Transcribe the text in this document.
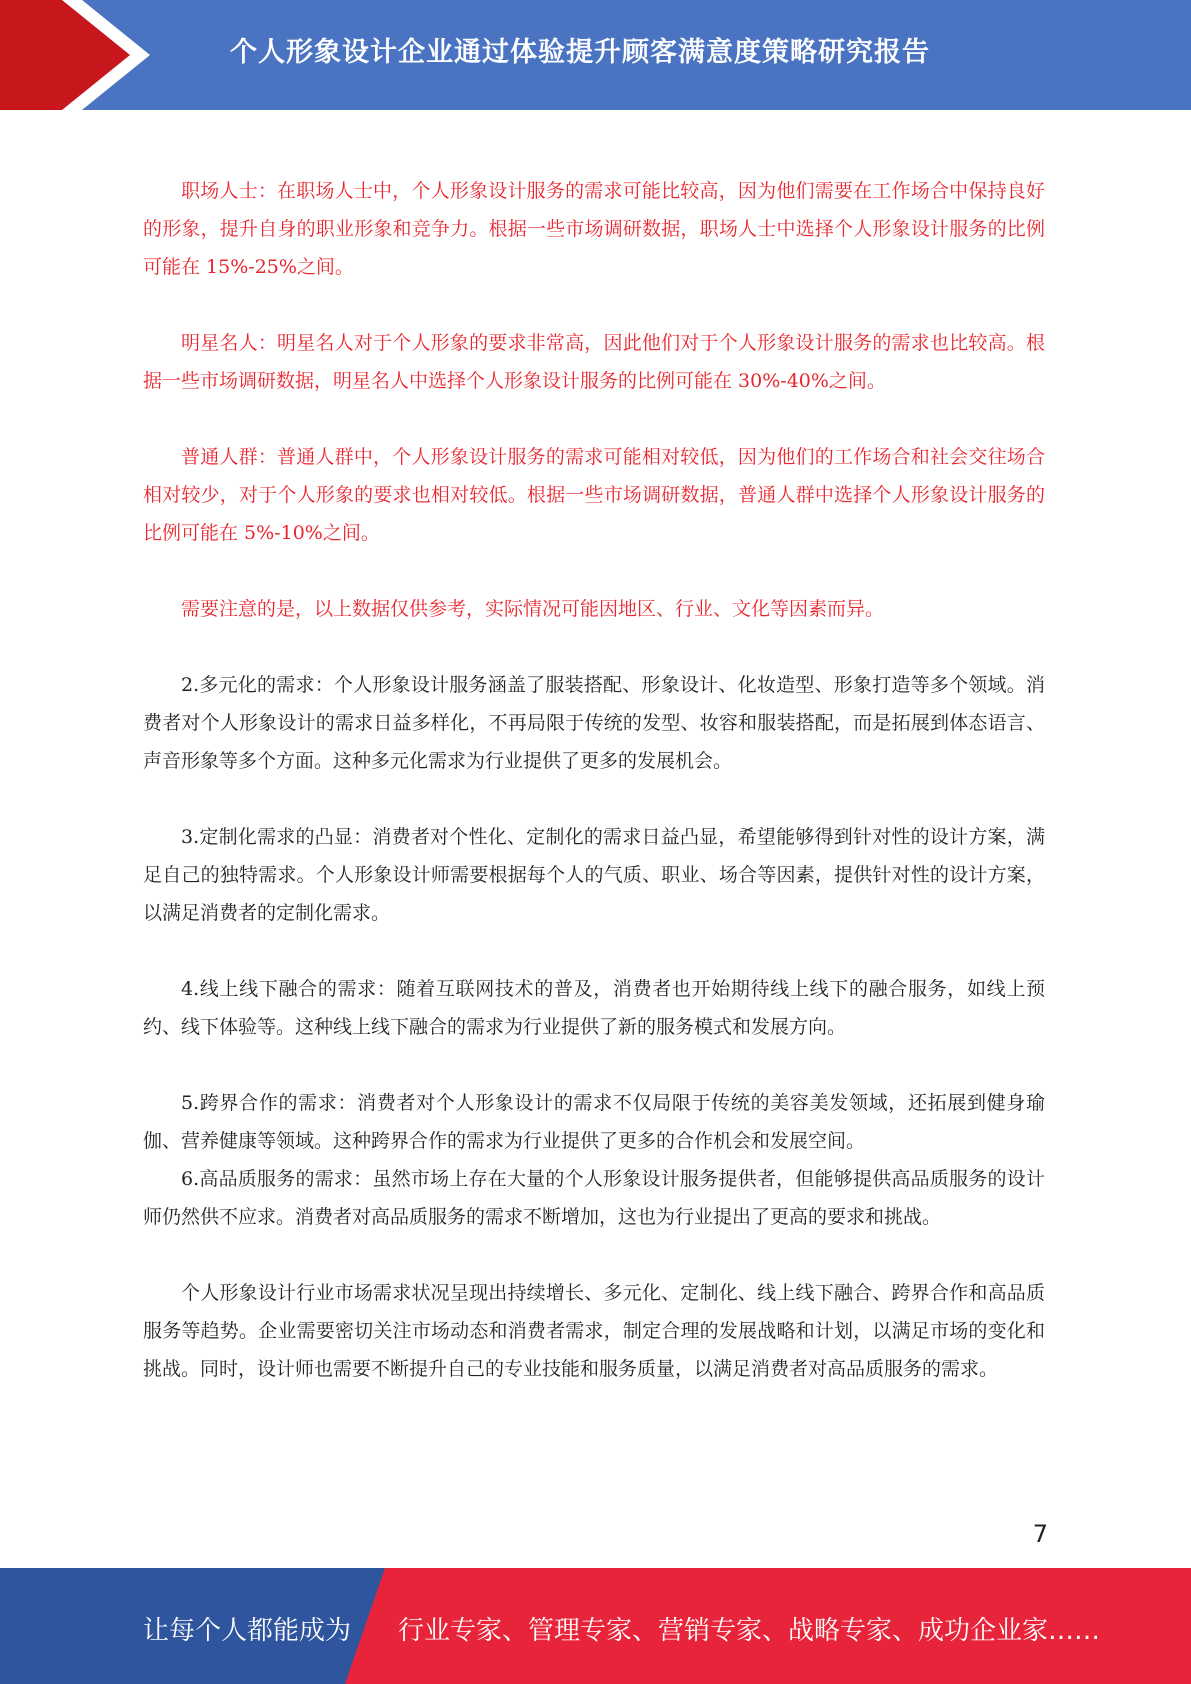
个人形象设计企业通过体验提升顾客满意度策略研究报告

职场人士：在职场人士中，个人形象设计服务的需求可能比较高，因为他们需要在工作场合中保持良好的形象，提升自身的职业形象和竞争力。根据一些市场调研数据，职场人士中选择个人形象设计服务的比例可能在 15%-25%之间。

明星名人：明星名人对于个人形象的要求非常高，因此他们对于个人形象设计服务的需求也比较高。根据一些市场调研数据，明星名人中选择个人形象设计服务的比例可能在 30%-40%之间。

普通人群：普通人群中，个人形象设计服务的需求可能相对较低，因为他们的工作场合和社会交往场合相对较少，对于个人形象的要求也相对较低。根据一些市场调研数据，普通人群中选择个人形象设计服务的比例可能在 5%-10%之间。

需要注意的是，以上数据仅供参考，实际情况可能因地区、行业、文化等因素而异。

2.多元化的需求：个人形象设计服务涵盖了服装搭配、形象设计、化妆造型、形象打造等多个领域。消费者对个人形象设计的需求日益多样化，不再局限于传统的发型、妆容和服装搭配，而是拓展到体态语言、声音形象等多个方面。这种多元化需求为行业提供了更多的发展机会。

3.定制化需求的凸显：消费者对个性化、定制化的需求日益凸显，希望能够得到针对性的设计方案，满足自己的独特需求。个人形象设计师需要根据每个人的气质、职业、场合等因素，提供针对性的设计方案，以满足消费者的定制化需求。

4.线上线下融合的需求：随着互联网技术的普及，消费者也开始期待线上线下的融合服务，如线上预约、线下体验等。这种线上线下融合的需求为行业提供了新的服务模式和发展方向。

5.跨界合作的需求：消费者对个人形象设计的需求不仅局限于传统的美容美发领域，还拓展到健身瑜伽、营养健康等领域。这种跨界合作的需求为行业提供了更多的合作机会和发展空间。

6.高品质服务的需求：虽然市场上存在大量的个人形象设计服务提供者，但能够提供高品质服务的设计师仍然供不应求。消费者对高品质服务的需求不断增加，这也为行业提出了更高的要求和挑战。

个人形象设计行业市场需求状况呈现出持续增长、多元化、定制化、线上线下融合、跨界合作和高品质服务等趋势。企业需要密切关注市场动态和消费者需求，制定合理的发展战略和计划，以满足市场的变化和挑战。同时，设计师也需要不断提升自己的专业技能和服务质量，以满足消费者对高品质服务的需求。

7
让每个人都能成为 行业专家、管理专家、营销专家、战略专家、成功企业家……
